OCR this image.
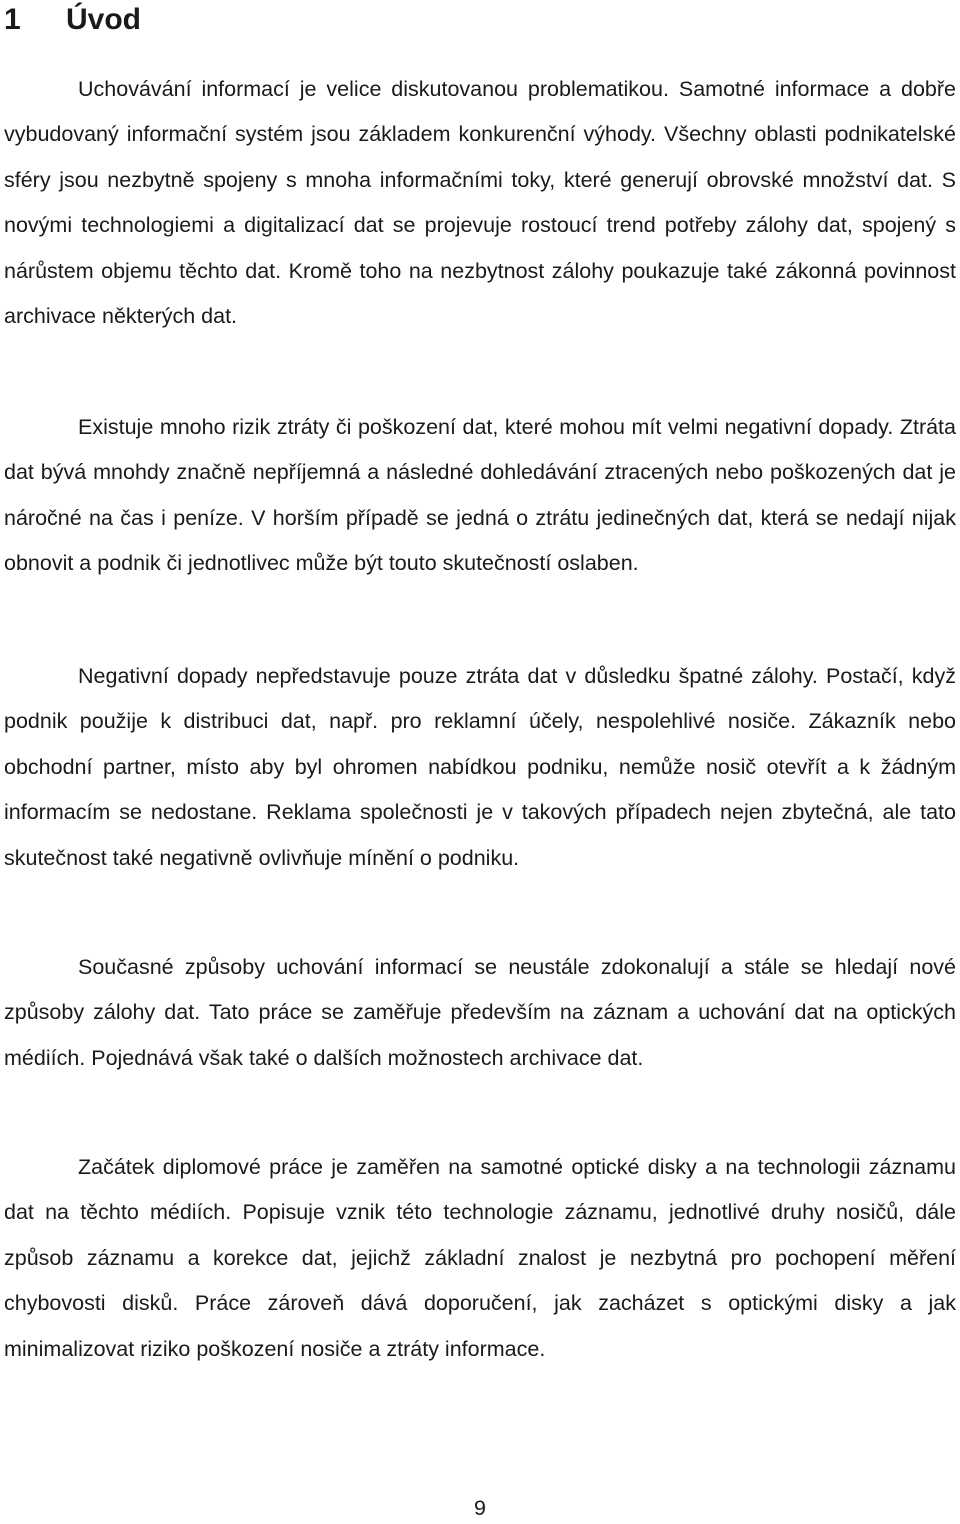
1 Úvod

Uchovávání informací je velice diskutovanou problematikou. Samotné informace a dobře vybudovaný informační systém jsou základem konkurenční výhody. Všechny oblasti podnikatelské sféry jsou nezbytně spojeny s mnoha informačními toky, které generují obrovské množství dat. S novými technologiemi a digitalizací dat se projevuje rostoucí trend potřeby zálohy dat, spojený s nárůstem objemu těchto dat. Kromě toho na nezbytnost zálohy poukazuje také zákonná povinnost archivace některých dat.

Existuje mnoho rizik ztráty či poškození dat, které mohou mít velmi negativní dopady. Ztráta dat bývá mnohdy značně nepříjemná a následné dohledávání ztracených nebo poškozených dat je náročné na čas i peníze. V horším případě se jedná o ztrátu jedinečných dat, která se nedají nijak obnovit a podnik či jednotlivec může být touto skutečností oslaben.

Negativní dopady nepředstavuje pouze ztráta dat v důsledku špatné zálohy. Postačí, když podnik použije k distribuci dat, např. pro reklamní účely, nespolehlivé nosiče. Zákazník nebo obchodní partner, místo aby byl ohromen nabídkou podniku, nemůže nosič otevřít a k žádným informacím se nedostane. Reklama společnosti je v takových případech nejen zbytečná, ale tato skutečnost také negativně ovlivňuje mínění o podniku.

Současné způsoby uchování informací se neustále zdokonalují a stále se hledají nové způsoby zálohy dat. Tato práce se zaměřuje především na záznam a uchování dat na optických médiích. Pojednává však také o dalších možnostech archivace dat.

Začátek diplomové práce je zaměřen na samotné optické disky a na technologii záznamu dat na těchto médiích. Popisuje vznik této technologie záznamu, jednotlivé druhy nosičů, dále způsob záznamu a korekce dat, jejichž základní znalost je nezbytná pro pochopení měření chybovosti disků. Práce zároveň dává doporučení, jak zacházet s optickými disky a jak minimalizovat riziko poškození nosiče a ztráty informace.

9
